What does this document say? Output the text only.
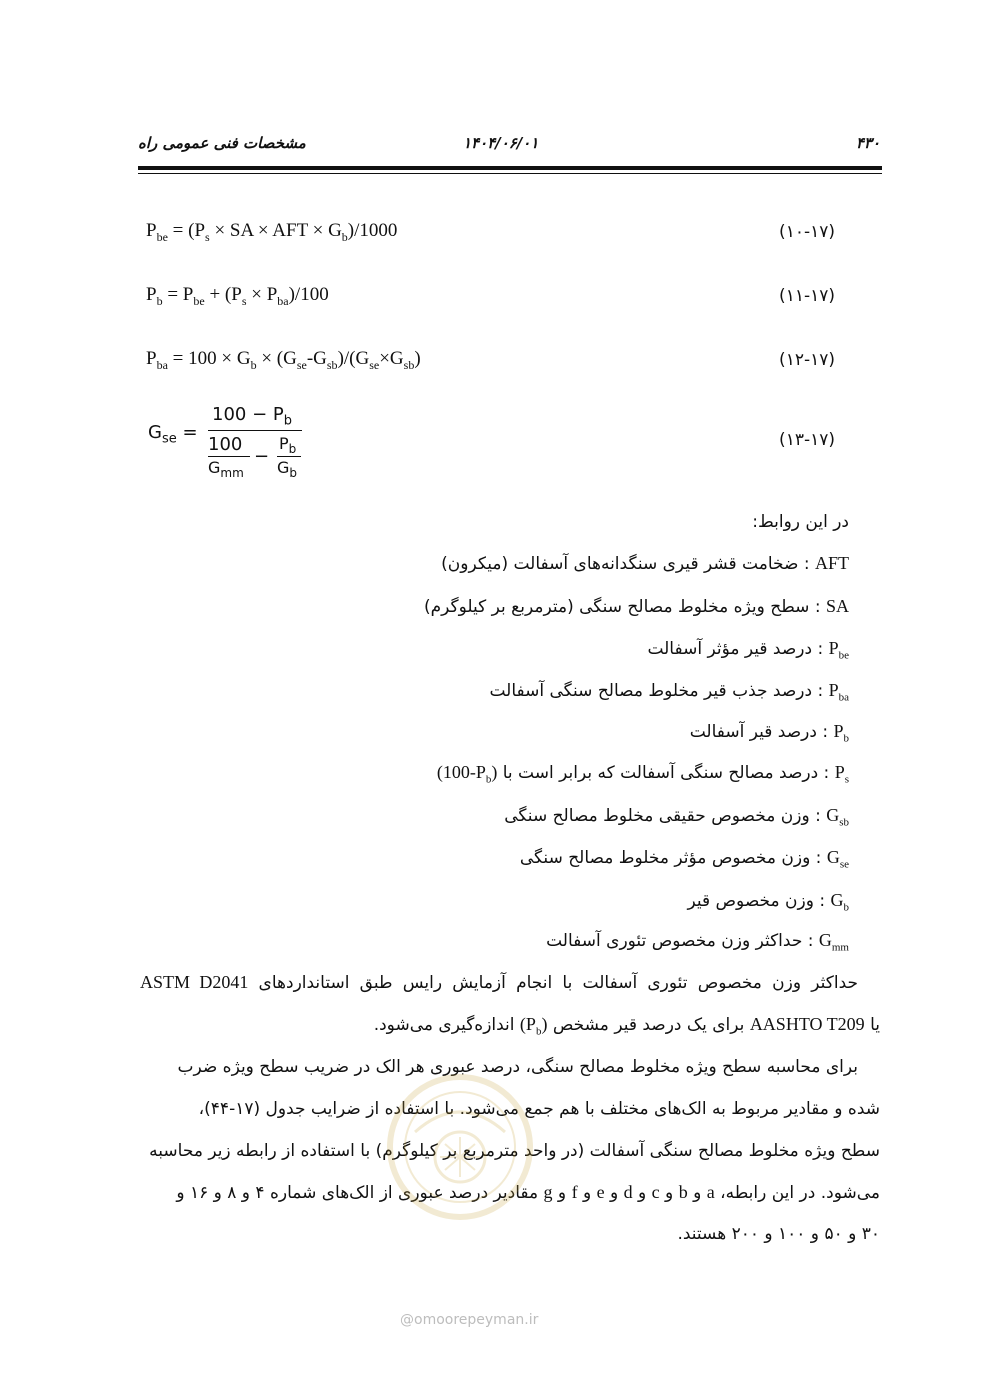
۴۳۰
۱۴۰۴/۰۶/۰۱
مشخصات فنی عمومی راه
$P_{be} = (P_s$ × SA × AFT × $G_b)/1000$	(۱۰-۱۷)
$P_b = P_{be} + (P_s \times P_{ba})/100$	(۱۱-۱۷)
$P_{ba} = 100 \times G_b \times (G_{se}-G_{sb})/(G_{se}\times G_{sb})$	(۱۲-۱۷)
$G_{se}$ =
$100 - P_b$
100
$G_{mm}$
−
$P_b$
$G_b$
(۱۳-۱۷)
در این روابط:
AFT : ضخامت قشر قیری سنگدانه‌های آسفالت (میکرون)
SA : سطح ویژه مخلوط مصالح سنگی (مترمربع بر کیلوگرم)
$P_{be}$ : درصد قیر مؤثر آسفالت
$P_{ba}$ : درصد جذب قیر مخلوط مصالح سنگی آسفالت
$P_b$ : درصد قیر آسفالت
$P_s$ : درصد مصالح سنگی آسفالت که برابر است با $(100-P_b)$
$G_{sb}$ : وزن مخصوص حقیقی مخلوط مصالح سنگی
$G_{se}$ : وزن مخصوص مؤثر مخلوط مصالح سنگی
$G_b$ : وزن مخصوص قیر
$G_{mm}$ : حداکثر وزن مخصوص تئوری آسفالت
حداکثر وزن مخصوص تئوری آسفالت با انجام آزمایش رایس طبق استانداردهای ASTM D2041
یا AASHTO T209 برای یک درصد قیر مشخص $(P_b)$ اندازه‌گیری می‌شود.
برای محاسبه سطح ویژه مخلوط مصالح سنگی، درصد عبوری هر الک در ضریب سطح ویژه ضرب
شده و مقادیر مربوط به الک‌های مختلف با هم جمع می‌شود. با استفاده از ضرایب جدول (۱۷-۴۴)،
سطح ویژه مخلوط مصالح سنگی آسفالت (در واحد مترمربع بر کیلوگرم) با استفاده از رابطه زیر محاسبه
می‌شود. در این رابطه، a و b و c و d و e و f و g مقادیر درصد عبوری از الک‌های شماره ۴ و ۸ و ۱۶ و
۳۰ و ۵۰ و ۱۰۰ و ۲۰۰ هستند.
@omoorepeyman.ir
